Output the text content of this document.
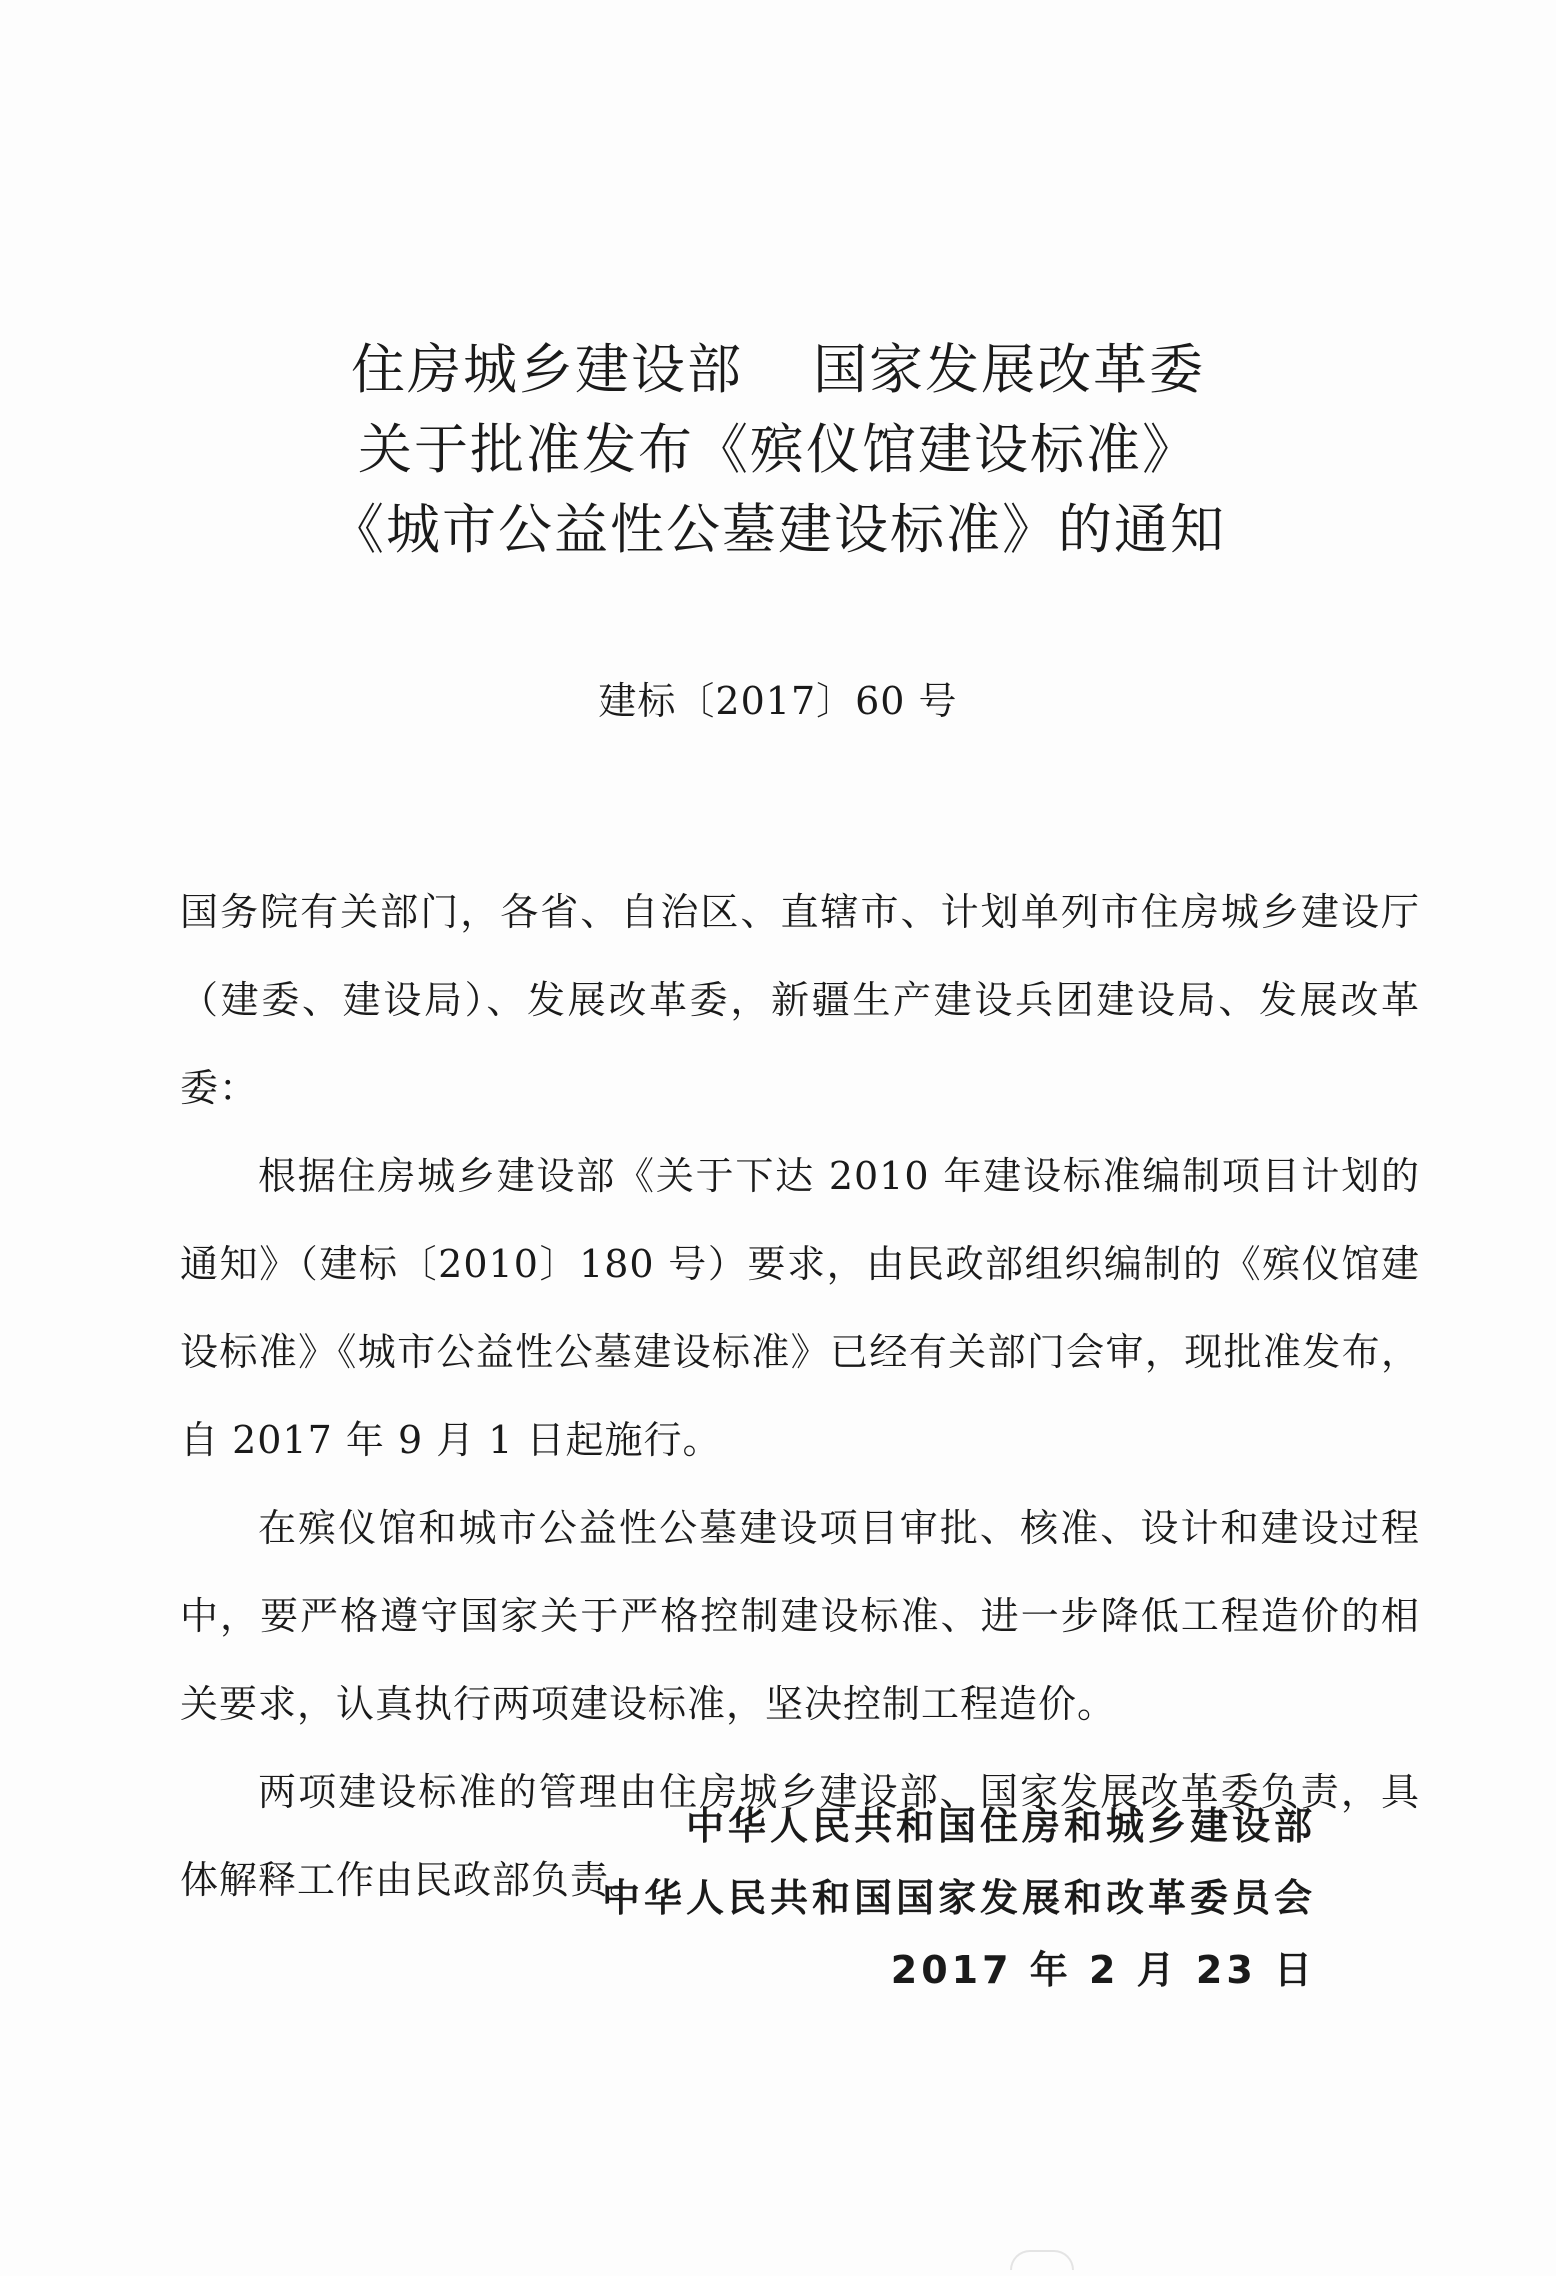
住房城乡建设部 国家发展改革委
关于批准发布《殡仪馆建设标准》
《城市公益性公墓建设标准》的通知
建标〔2017〕60 号

国务院有关部门，各省、自治区、直辖市、计划单列市住房城乡建设厅（建委、建设局）、发展改革委，新疆生产建设兵团建设局、发展改革委：

根据住房城乡建设部《关于下达 2010 年建设标准编制项目计划的通知》（建标〔2010〕180 号）要求，由民政部组织编制的《殡仪馆建设标准》《城市公益性公墓建设标准》已经有关部门会审，现批准发布，自 2017 年 9 月 1 日起施行。

在殡仪馆和城市公益性公墓建设项目审批、核准、设计和建设过程中，要严格遵守国家关于严格控制建设标准、进一步降低工程造价的相关要求，认真执行两项建设标准，坚决控制工程造价。

两项建设标准的管理由住房城乡建设部、国家发展改革委负责，具体解释工作由民政部负责。

中华人民共和国住房和城乡建设部
中华人民共和国国家发展和改革委员会
2017 年 2 月 23 日
